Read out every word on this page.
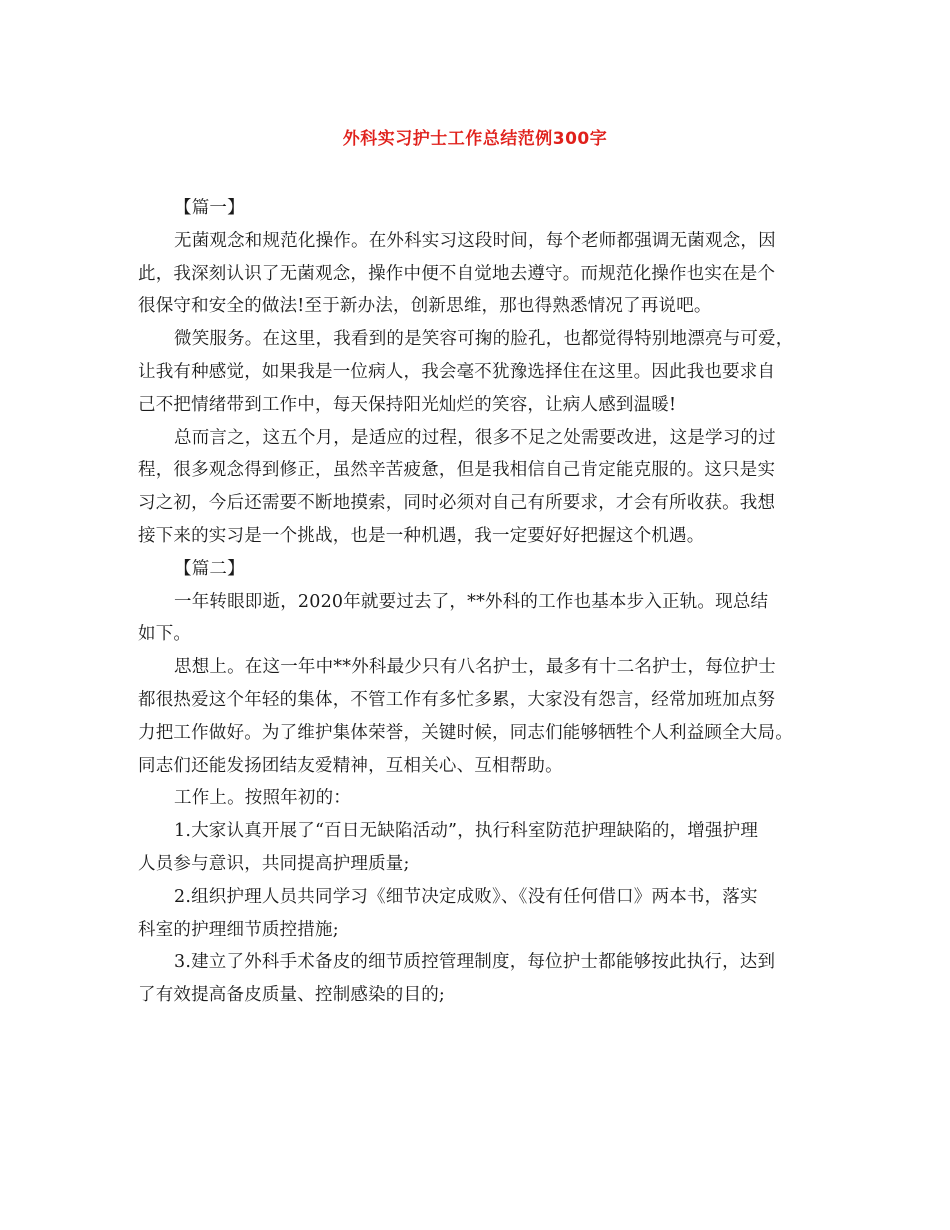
外科实习护士工作总结范例300字
【篇一】
无菌观念和规范化操作。在外科实习这段时间，每个老师都强调无菌观念，因
此，我深刻认识了无菌观念，操作中便不自觉地去遵守。而规范化操作也实在是个
很保守和安全的做法!至于新办法，创新思维，那也得熟悉情况了再说吧。
微笑服务。在这里，我看到的是笑容可掬的脸孔，也都觉得特别地漂亮与可爱，
让我有种感觉，如果我是一位病人，我会毫不犹豫选择住在这里。因此我也要求自
己不把情绪带到工作中，每天保持阳光灿烂的笑容，让病人感到温暖!
总而言之，这五个月，是适应的过程，很多不足之处需要改进，这是学习的过
程，很多观念得到修正，虽然辛苦疲惫，但是我相信自己肯定能克服的。这只是实
习之初，今后还需要不断地摸索，同时必须对自己有所要求，才会有所收获。我想
接下来的实习是一个挑战，也是一种机遇，我一定要好好把握这个机遇。
【篇二】
一年转眼即逝，2020年就要过去了，**外科的工作也基本步入正轨。现总结
如下。
思想上。在这一年中**外科最少只有八名护士，最多有十二名护士，每位护士
都很热爱这个年轻的集体，不管工作有多忙多累，大家没有怨言，经常加班加点努
力把工作做好。为了维护集体荣誉，关键时候，同志们能够牺牲个人利益顾全大局。
同志们还能发扬团结友爱精神，互相关心、互相帮助。
工作上。按照年初的：
1.大家认真开展了“百日无缺陷活动”，执行科室防范护理缺陷的，增强护理
人员参与意识，共同提高护理质量;
2.组织护理人员共同学习《细节决定成败》、《没有任何借口》两本书，落实
科室的护理细节质控措施;
3.建立了外科手术备皮的细节质控管理制度，每位护士都能够按此执行，达到
了有效提高备皮质量、控制感染的目的;
